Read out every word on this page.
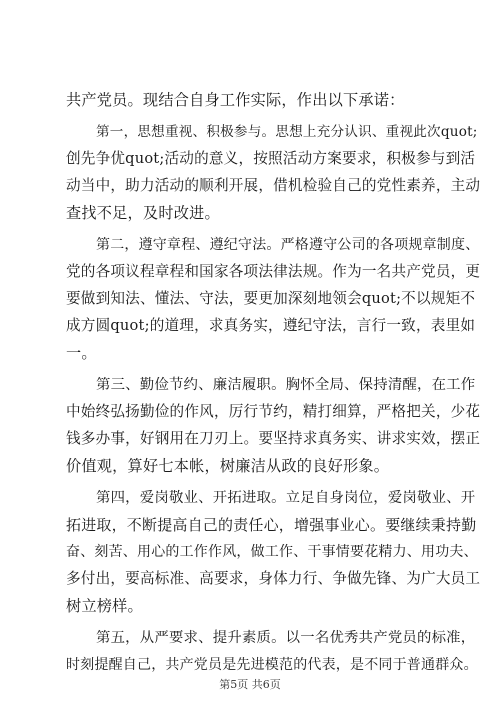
共产党员。现结合自身工作实际，作出以下承诺：
第一，思想重视、积极参与。思想上充分认识、重视此次quot;
创先争优quot;活动的意义，按照活动方案要求，积极参与到活
动当中，助力活动的顺利开展，借机检验自己的党性素养，主动
查找不足，及时改进。
第二，遵守章程、遵纪守法。严格遵守公司的各项规章制度、
党的各项议程章程和国家各项法律法规。作为一名共产党员，更
要做到知法、懂法、守法，要更加深刻地领会quot;不以规矩不
成方圆quot;的道理，求真务实，遵纪守法，言行一致，表里如
一。
第三、勤俭节约、廉洁履职。胸怀全局、保持清醒，在工作
中始终弘扬勤俭的作风，厉行节约，精打细算，严格把关，少花
钱多办事，好钢用在刀刃上。要坚持求真务实、讲求实效，摆正
价值观，算好七本帐，树廉洁从政的良好形象。
第四，爱岗敬业、开拓进取。立足自身岗位，爱岗敬业、开
拓进取，不断提高自己的责任心，增强事业心。要继续秉持勤
奋、刻苦、用心的工作作风，做工作、干事情要花精力、用功夫、
多付出，要高标准、高要求，身体力行、争做先锋、为广大员工
树立榜样。
第五，从严要求、提升素质。以一名优秀共产党员的标准，
时刻提醒自己，共产党员是先进模范的代表，是不同于普通群众。
第5页 共6页
